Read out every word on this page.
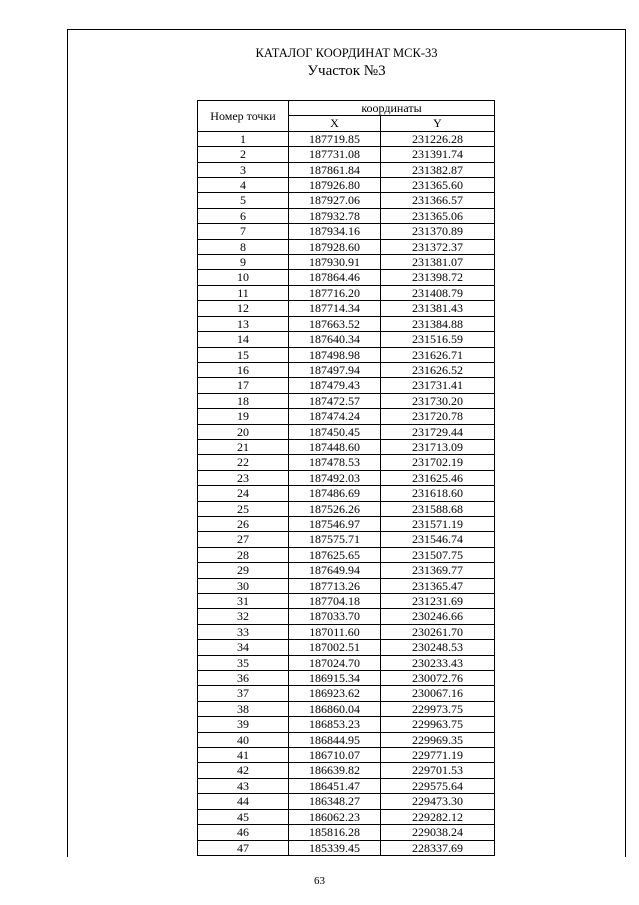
КАТАЛОГ КООРДИНАТ МСК-33
Участок №3
Номер точки	координаты	
	X	Y
1	187719.85	231226.28
2	187731.08	231391.74
3	187861.84	231382.87
4	187926.80	231365.60
5	187927.06	231366.57
6	187932.78	231365.06
7	187934.16	231370.89
8	187928.60	231372.37
9	187930.91	231381.07
10	187864.46	231398.72
11	187716.20	231408.79
12	187714.34	231381.43
13	187663.52	231384.88
14	187640.34	231516.59
15	187498.98	231626.71
16	187497.94	231626.52
17	187479.43	231731.41
18	187472.57	231730.20
19	187474.24	231720.78
20	187450.45	231729.44
21	187448.60	231713.09
22	187478.53	231702.19
23	187492.03	231625.46
24	187486.69	231618.60
25	187526.26	231588.68
26	187546.97	231571.19
27	187575.71	231546.74
28	187625.65	231507.75
29	187649.94	231369.77
30	187713.26	231365.47
31	187704.18	231231.69
32	187033.70	230246.66
33	187011.60	230261.70
34	187002.51	230248.53
35	187024.70	230233.43
36	186915.34	230072.76
37	186923.62	230067.16
38	186860.04	229973.75
39	186853.23	229963.75
40	186844.95	229969.35
41	186710.07	229771.19
42	186639.82	229701.53
43	186451.47	229575.64
44	186348.27	229473.30
45	186062.23	229282.12
46	185816.28	229038.24
47	185339.45	228337.69
63
